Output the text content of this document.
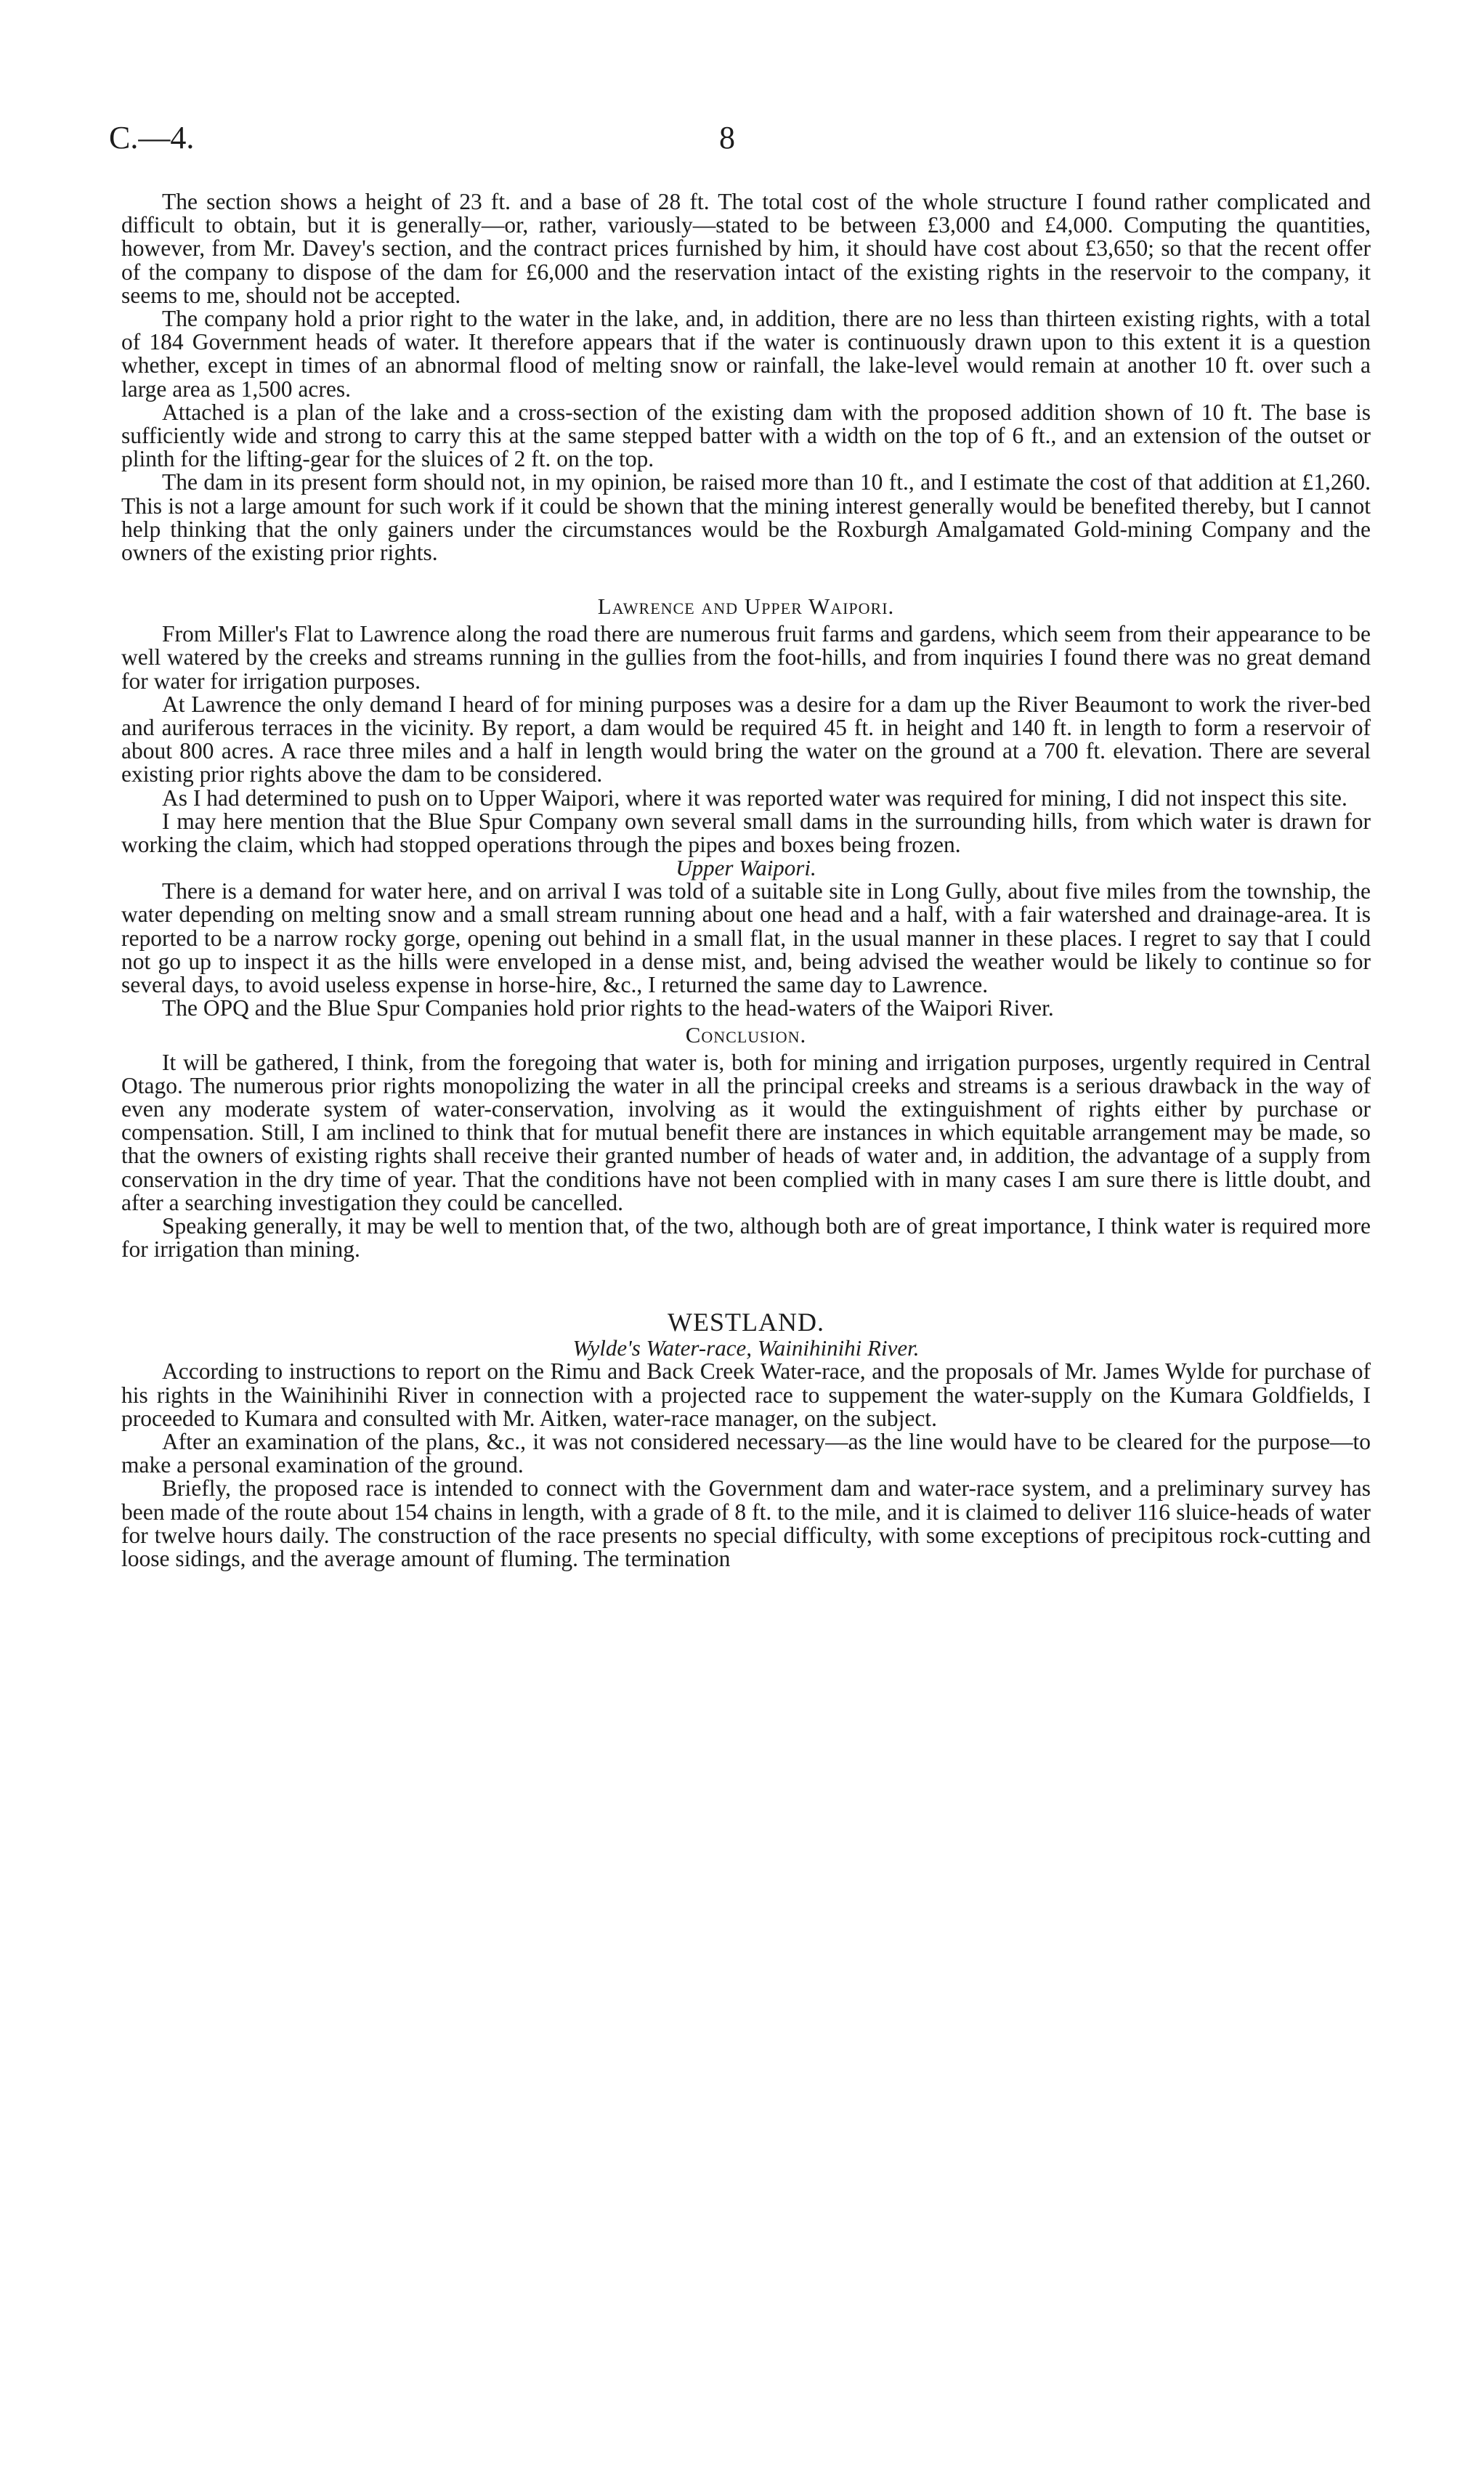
C.—4.	8

The section shows a height of 23 ft. and a base of 28 ft. The total cost of the whole structure I found rather complicated and difficult to obtain, but it is generally—or, rather, variously—stated to be between £3,000 and £4,000. Computing the quantities, however, from Mr. Davey's section, and the contract prices furnished by him, it should have cost about £3,650; so that the recent offer of the company to dispose of the dam for £6,000 and the reservation intact of the existing rights in the reservoir to the company, it seems to me, should not be accepted.

The company hold a prior right to the water in the lake, and, in addition, there are no less than thirteen existing rights, with a total of 184 Government heads of water. It therefore appears that if the water is continuously drawn upon to this extent it is a question whether, except in times of an abnormal flood of melting snow or rainfall, the lake-level would remain at another 10 ft. over such a large area as 1,500 acres.

Attached is a plan of the lake and a cross-section of the existing dam with the proposed addition shown of 10 ft. The base is sufficiently wide and strong to carry this at the same stepped batter with a width on the top of 6 ft., and an extension of the outset or plinth for the lifting-gear for the sluices of 2 ft. on the top.

The dam in its present form should not, in my opinion, be raised more than 10 ft., and I estimate the cost of that addition at £1,260. This is not a large amount for such work if it could be shown that the mining interest generally would be benefited thereby, but I cannot help thinking that the only gainers under the circumstances would be the Roxburgh Amalgamated Gold-mining Company and the owners of the existing prior rights.

Lawrence and Upper Waipori.

From Miller's Flat to Lawrence along the road there are numerous fruit farms and gardens, which seem from their appearance to be well watered by the creeks and streams running in the gullies from the foot-hills, and from inquiries I found there was no great demand for water for irrigation purposes.

At Lawrence the only demand I heard of for mining purposes was a desire for a dam up the River Beaumont to work the river-bed and auriferous terraces in the vicinity. By report, a dam would be required 45 ft. in height and 140 ft. in length to form a reservoir of about 800 acres. A race three miles and a half in length would bring the water on the ground at a 700 ft. elevation. There are several existing prior rights above the dam to be considered.

As I had determined to push on to Upper Waipori, where it was reported water was required for mining, I did not inspect this site.

I may here mention that the Blue Spur Company own several small dams in the surrounding hills, from which water is drawn for working the claim, which had stopped operations through the pipes and boxes being frozen.

Upper Waipori.

There is a demand for water here, and on arrival I was told of a suitable site in Long Gully, about five miles from the township, the water depending on melting snow and a small stream running about one head and a half, with a fair watershed and drainage-area. It is reported to be a narrow rocky gorge, opening out behind in a small flat, in the usual manner in these places. I regret to say that I could not go up to inspect it as the hills were enveloped in a dense mist, and, being advised the weather would be likely to continue so for several days, to avoid useless expense in horse-hire, &c., I returned the same day to Lawrence.

The OPQ and the Blue Spur Companies hold prior rights to the head-waters of the Waipori River.

Conclusion.

It will be gathered, I think, from the foregoing that water is, both for mining and irrigation purposes, urgently required in Central Otago. The numerous prior rights monopolizing the water in all the principal creeks and streams is a serious drawback in the way of even any moderate system of water-conservation, involving as it would the extinguishment of rights either by purchase or compensation. Still, I am inclined to think that for mutual benefit there are instances in which equitable arrangement may be made, so that the owners of existing rights shall receive their granted number of heads of water and, in addition, the advantage of a supply from conservation in the dry time of year. That the conditions have not been complied with in many cases I am sure there is little doubt, and after a searching investigation they could be cancelled.

Speaking generally, it may be well to mention that, of the two, although both are of great importance, I think water is required more for irrigation than mining.

WESTLAND.
Wylde's Water-race, Wainihinihi River.

According to instructions to report on the Rimu and Back Creek Water-race, and the proposals of Mr. James Wylde for purchase of his rights in the Wainihinihi River in connection with a projected race to suppement the water-supply on the Kumara Goldfields, I proceeded to Kumara and consulted with Mr. Aitken, water-race manager, on the subject.

After an examination of the plans, &c., it was not considered necessary—as the line would have to be cleared for the purpose—to make a personal examination of the ground.

Briefly, the proposed race is intended to connect with the Government dam and water-race system, and a preliminary survey has been made of the route about 154 chains in length, with a grade of 8 ft. to the mile, and it is claimed to deliver 116 sluice-heads of water for twelve hours daily. The construction of the race presents no special difficulty, with some exceptions of precipitous rock-cutting and loose sidings, and the average amount of fluming. The termination
